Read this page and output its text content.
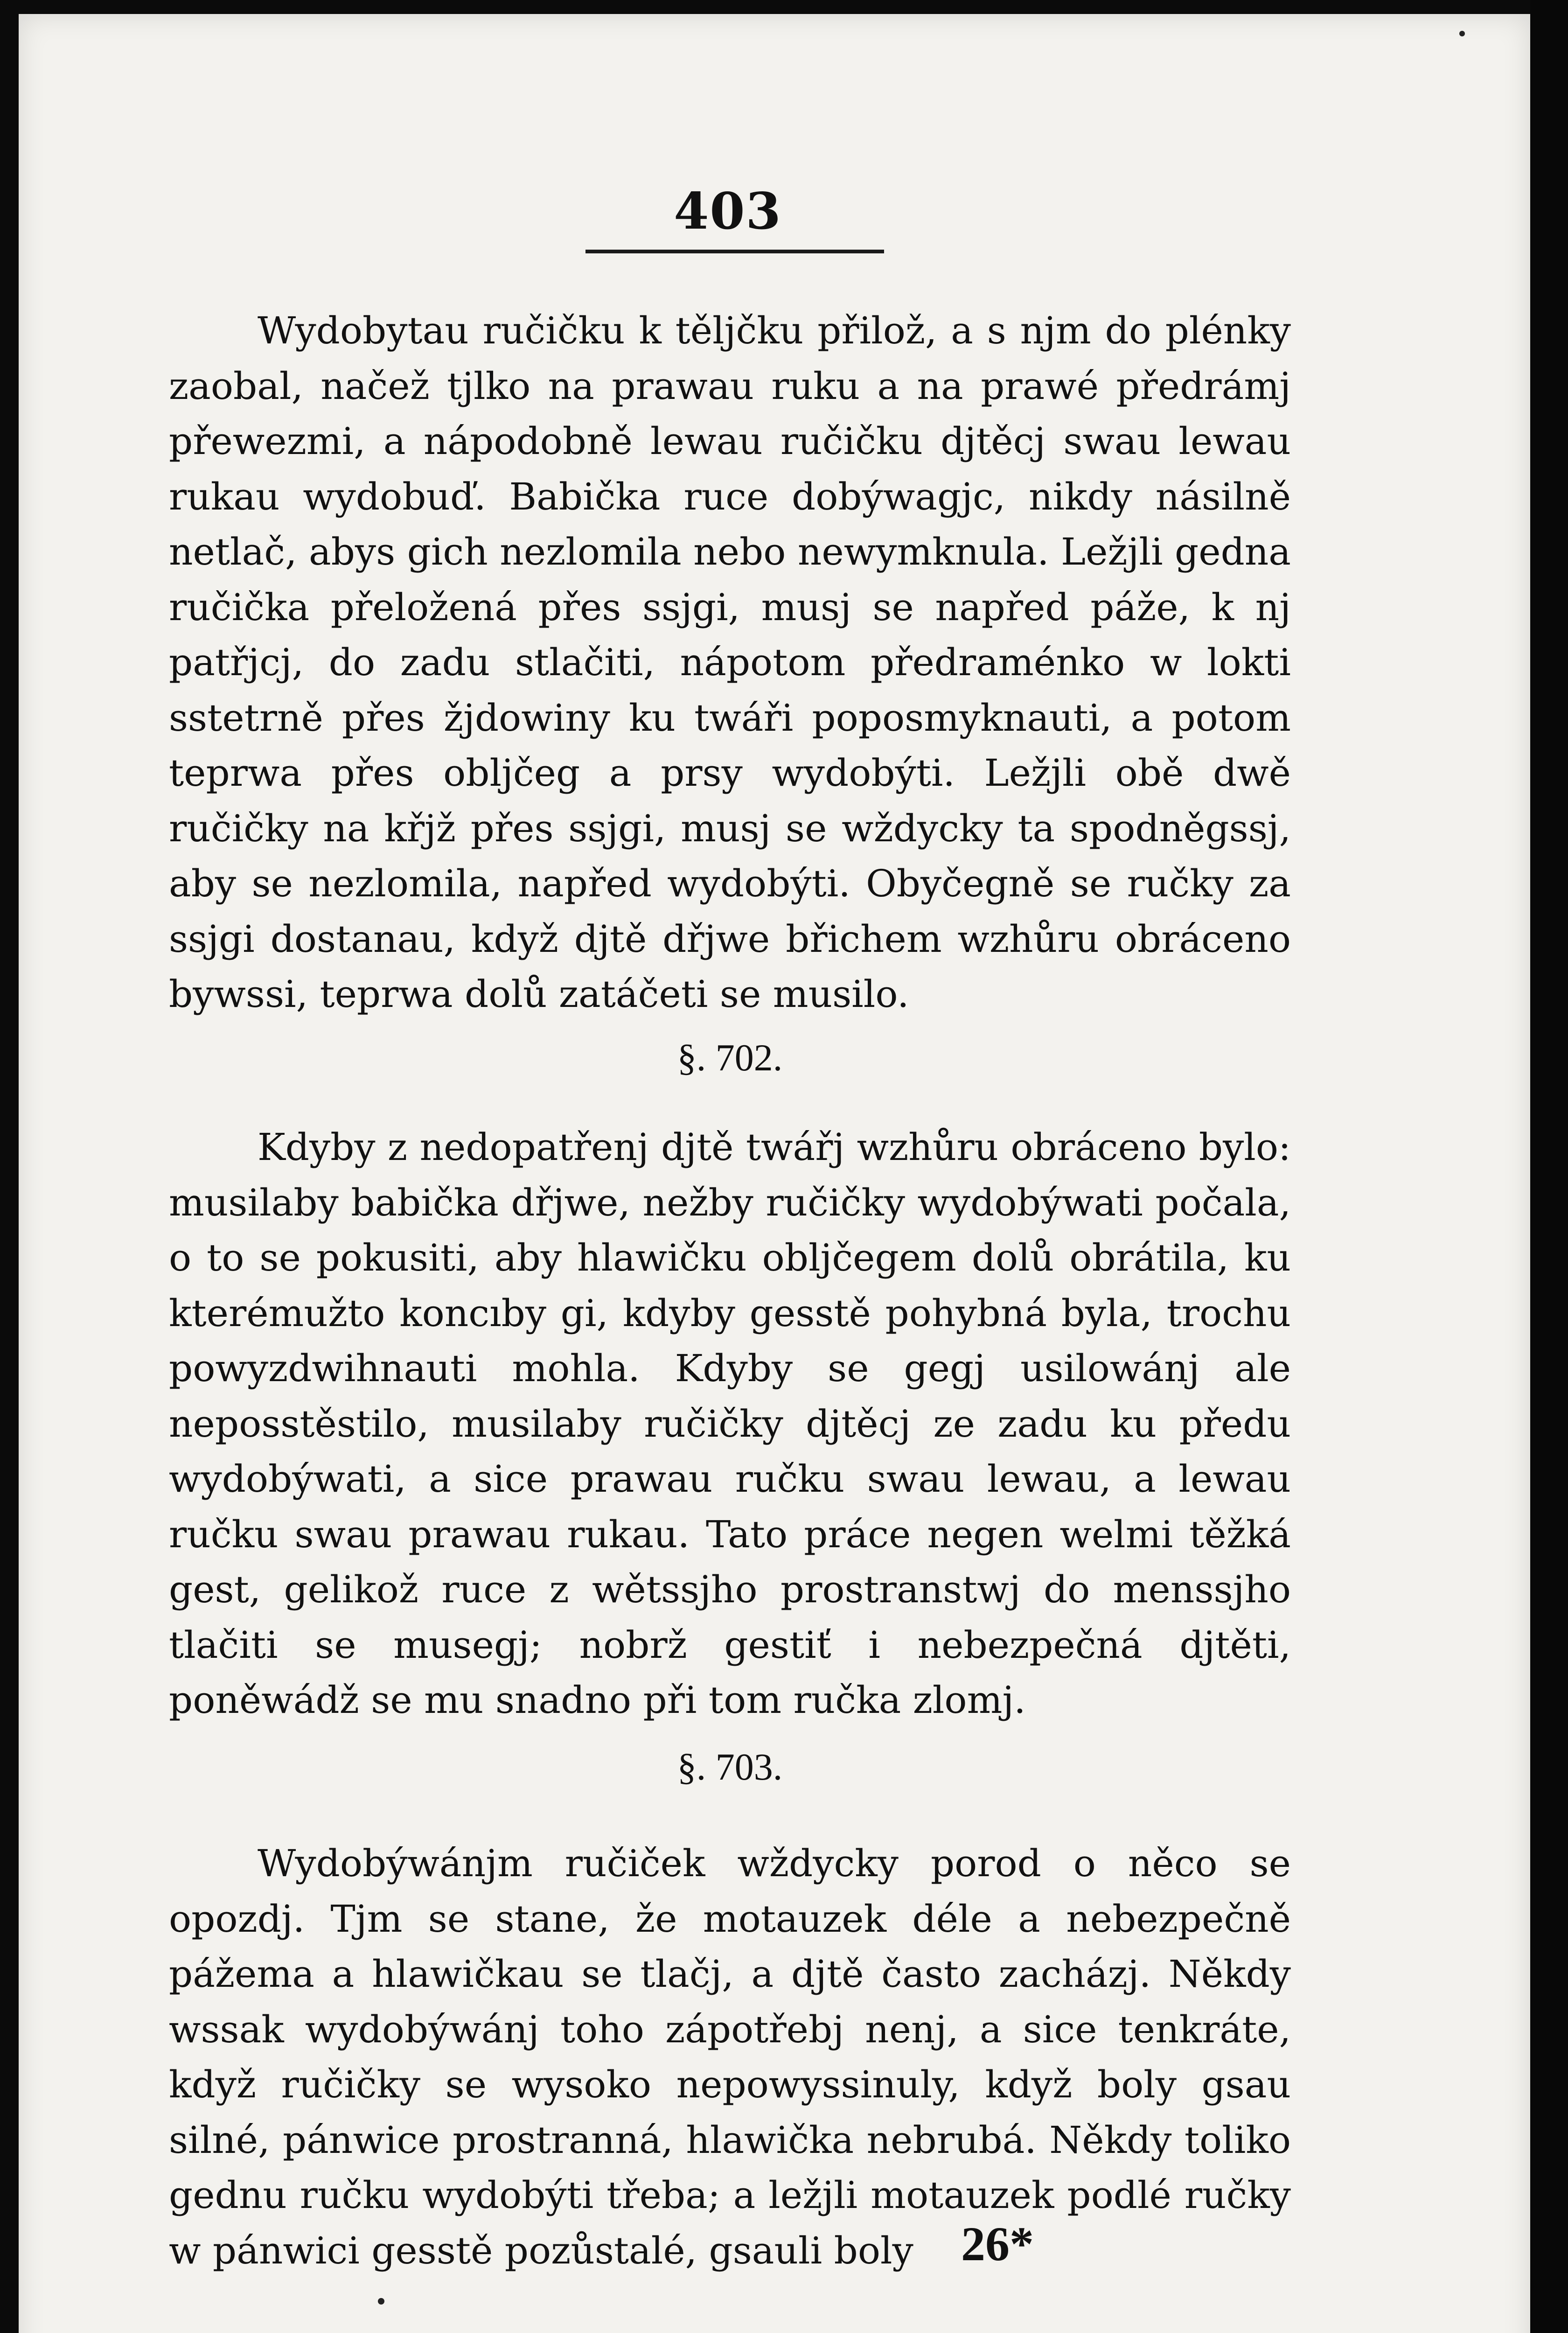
403

Wydobytau ručičku k těljčku přilož, a s njm do plénky zaobal, načež tjlko na prawau ruku a na prawé předrámj přewezmi, a nápodobně lewau ručičku djtěcj swau lewau rukau wydobuď. Babička ruce dobýwagjc, nikdy násilně netlač, abys gich nezlomila nebo newymknula. Ležjli gedna ručička přeložená přes ssjgi, musj se napřed páže, k nj patřjcj, do zadu stlačiti, nápotom předraménko w lokti sstetrně přes žjdowiny ku twáři poposmyknauti, a potom teprwa přes obljčeg a prsy wydobýti. Ležjli obě dwě ručičky na křjž přes ssjgi, musj se wždycky ta spodněgssj, aby se nezlomila, napřed wydobýti. Obyčegně se ručky za ssjgi dostanau, když djtě dřjwe břichem wzhůru obráceno bywssi, teprwa dolů zatáčeti se musilo.

§. 702.

Kdyby z nedopatřenj djtě twářj wzhůru obráceno bylo: musilaby babička dřjwe, nežby ručičky wydobýwati počala, o to se pokusiti, aby hlawičku obljčegem dolů obrátila, ku kterémužto koncıby gi, kdyby gesstě pohybná byla, trochu powyzdwihnauti mohla. Kdyby se gegj usilowánj ale neposstěstilo, musilaby ručičky djtěcj ze zadu ku předu wydobýwati, a sice prawau ručku swau lewau, a lewau ručku swau prawau rukau. Tato práce negen welmi těžká gest, gelikož ruce z wětssjho prostranstwj do menssjho tlačiti se musegj; nobrž gestiť i nebezpečná djtěti, poněwádž se mu snadno při tom ručka zlomj.

§. 703.

Wydobýwánjm ručiček wždycky porod o něco se opozdj. Tjm se stane, že motauzek déle a nebezpečně pážema a hlawičkau se tlačj, a djtě často zacházj. Někdy wssak wydobýwánj toho zápotřebj nenj, a sice tenkráte, když ručičky se wysoko nepowyssinuly, když boly gsau silné, pánwice prostranná, hlawička nebrubá. Někdy toliko gednu ručku wydobýti třeba; a ležjli motauzek podlé ručky w pánwici gesstě pozůstalé, gsauli boly 26*
